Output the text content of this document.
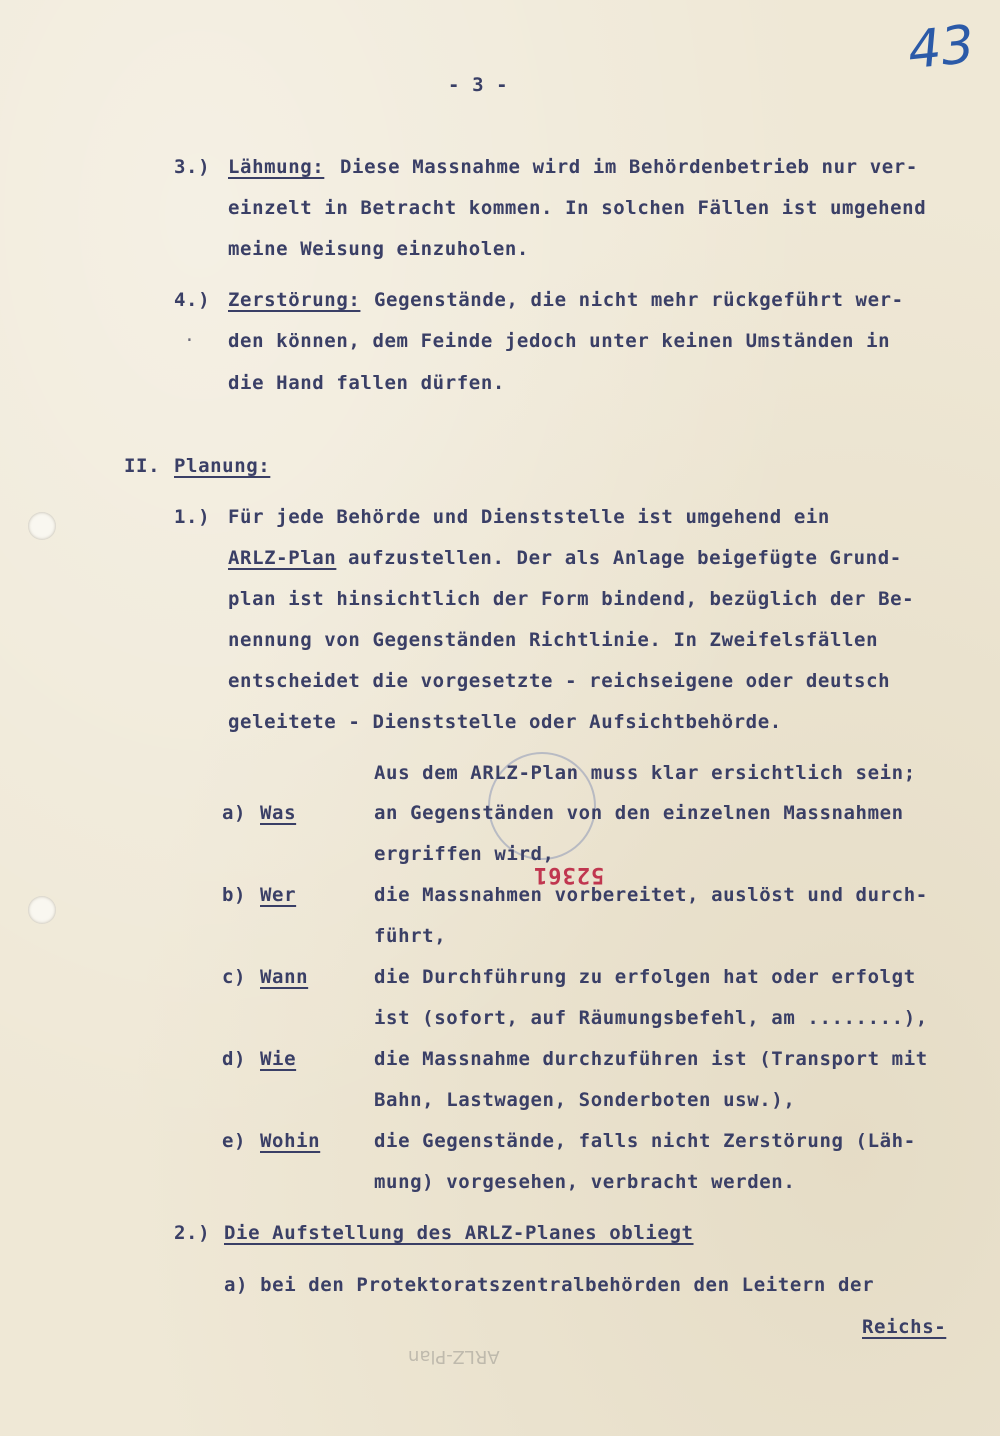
43
- 3 -
3.) Lähmung: Diese Massnahme wird im Behördenbetrieb nur ver-
einzelt in Betracht kommen. In solchen Fällen ist umgehend
meine Weisung einzuholen.
4.) Zerstörung: Gegenstände, die nicht mehr rückgeführt wer-
· den können, dem Feinde jedoch unter keinen Umständen in
die Hand fallen dürfen.
II. Planung:
1.) Für jede Behörde und Dienststelle ist umgehend ein
ARLZ-Plan aufzustellen. Der als Anlage beigefügte Grund-
plan ist hinsichtlich der Form bindend, bezüglich der Be-
nennung von Gegenständen Richtlinie. In Zweifelsfällen
entscheidet die vorgesetzte - reichseigene oder deutsch
geleitete - Dienststelle oder Aufsichtbehörde.
Aus dem ARLZ-Plan muss klar ersichtlich sein;
a) Was	an Gegenständen von den einzelnen Massnahmen
ergriffen wird,
52361
b) Wer	die Massnahmen vorbereitet, auslöst und durch-
führt,
c) Wann	die Durchführung zu erfolgen hat oder erfolgt
ist (sofort, auf Räumungsbefehl, am ........),
d) Wie	die Massnahme durchzuführen ist (Transport mit
Bahn, Lastwagen, Sonderboten usw.),
e) Wohin	die Gegenstände, falls nicht Zerstörung (Läh-
mung) vorgesehen, verbracht werden.
2.) Die Aufstellung des ARLZ-Planes obliegt
a) bei den Protektoratszentralbehörden den Leitern der
Reichs-
ARLZ-Plan
